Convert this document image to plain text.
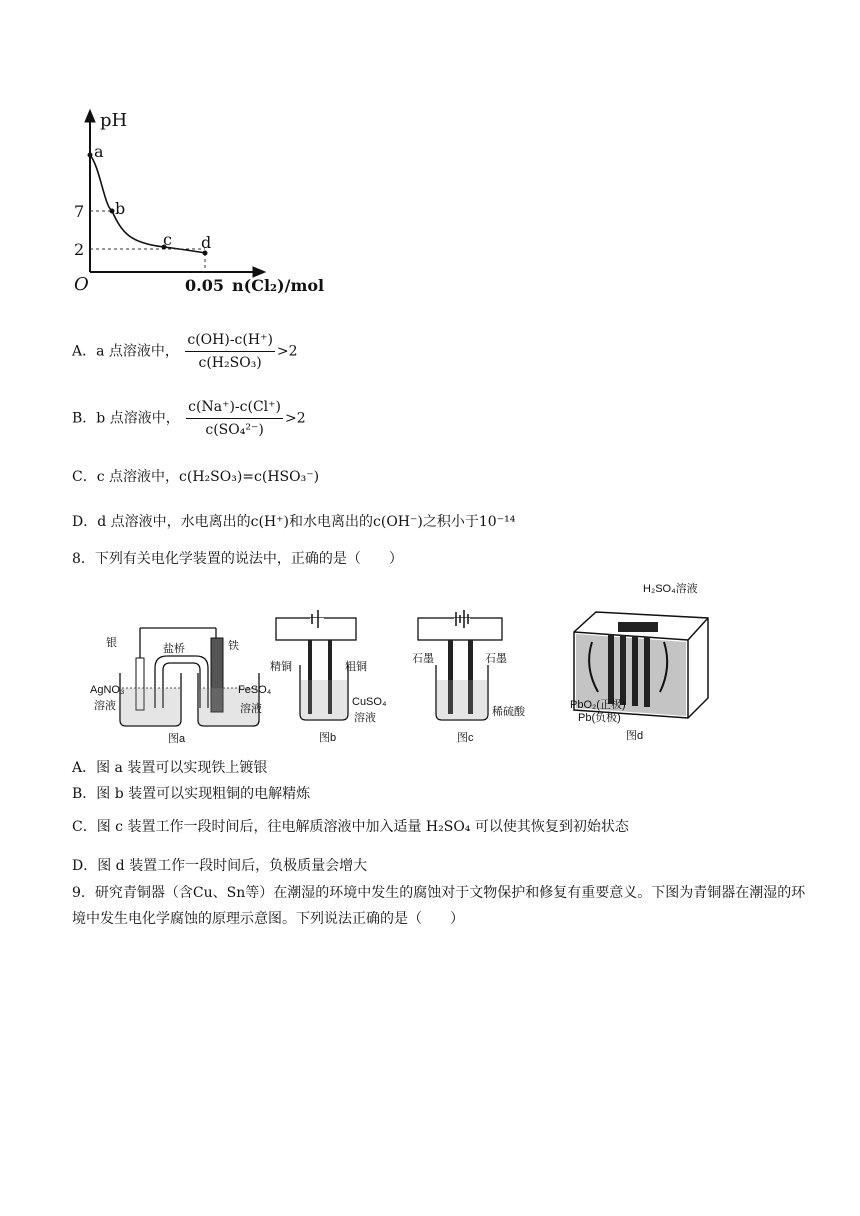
pH
a
b
c d
7
2
O	0.05 n(Cl₂)/mol
A．a 点溶液中， $\frac{c(OH)-c(H^+)}{\text{c(H₂SO₃)}} >2$
B．b 点溶液中， $\frac{c(Na^+)-c(Cl^+)}{\text{c(SO₄²⁻)}} >2$
C．c 点溶液中，c(H₂SO₃)=c(HSO₃⁻)
D．d 点溶液中，水电离出的c(H⁺)和水电离出的c(OH⁻)之积小于10⁻¹⁴
8．下列有关电化学装置的说法中，正确的是（　　）
银	盐桥	铁
AgNO₃
溶液
FeSO₄
溶液
图a
精铜	粗铜
CuSO₄
溶液
图b
石墨	石墨
稀硫酸
图c
H₂SO₄溶液
PbO₂(正极)
Pb(负极)
图d
A．图 a 装置可以实现铁上镀银
B．图 b 装置可以实现粗铜的电解精炼
C．图 c 装置工作一段时间后，往电解质溶液中加入适量 H₂SO₄ 可以使其恢复到初始状态
D．图 d 装置工作一段时间后，负极质量会增大
9．研究青铜器（含Cu、Sn等）在潮湿的环境中发生的腐蚀对于文物保护和修复有重要意义。下图为青铜器在潮湿的环境中发生电化学腐蚀的原理示意图。下列说法正确的是（　　）
